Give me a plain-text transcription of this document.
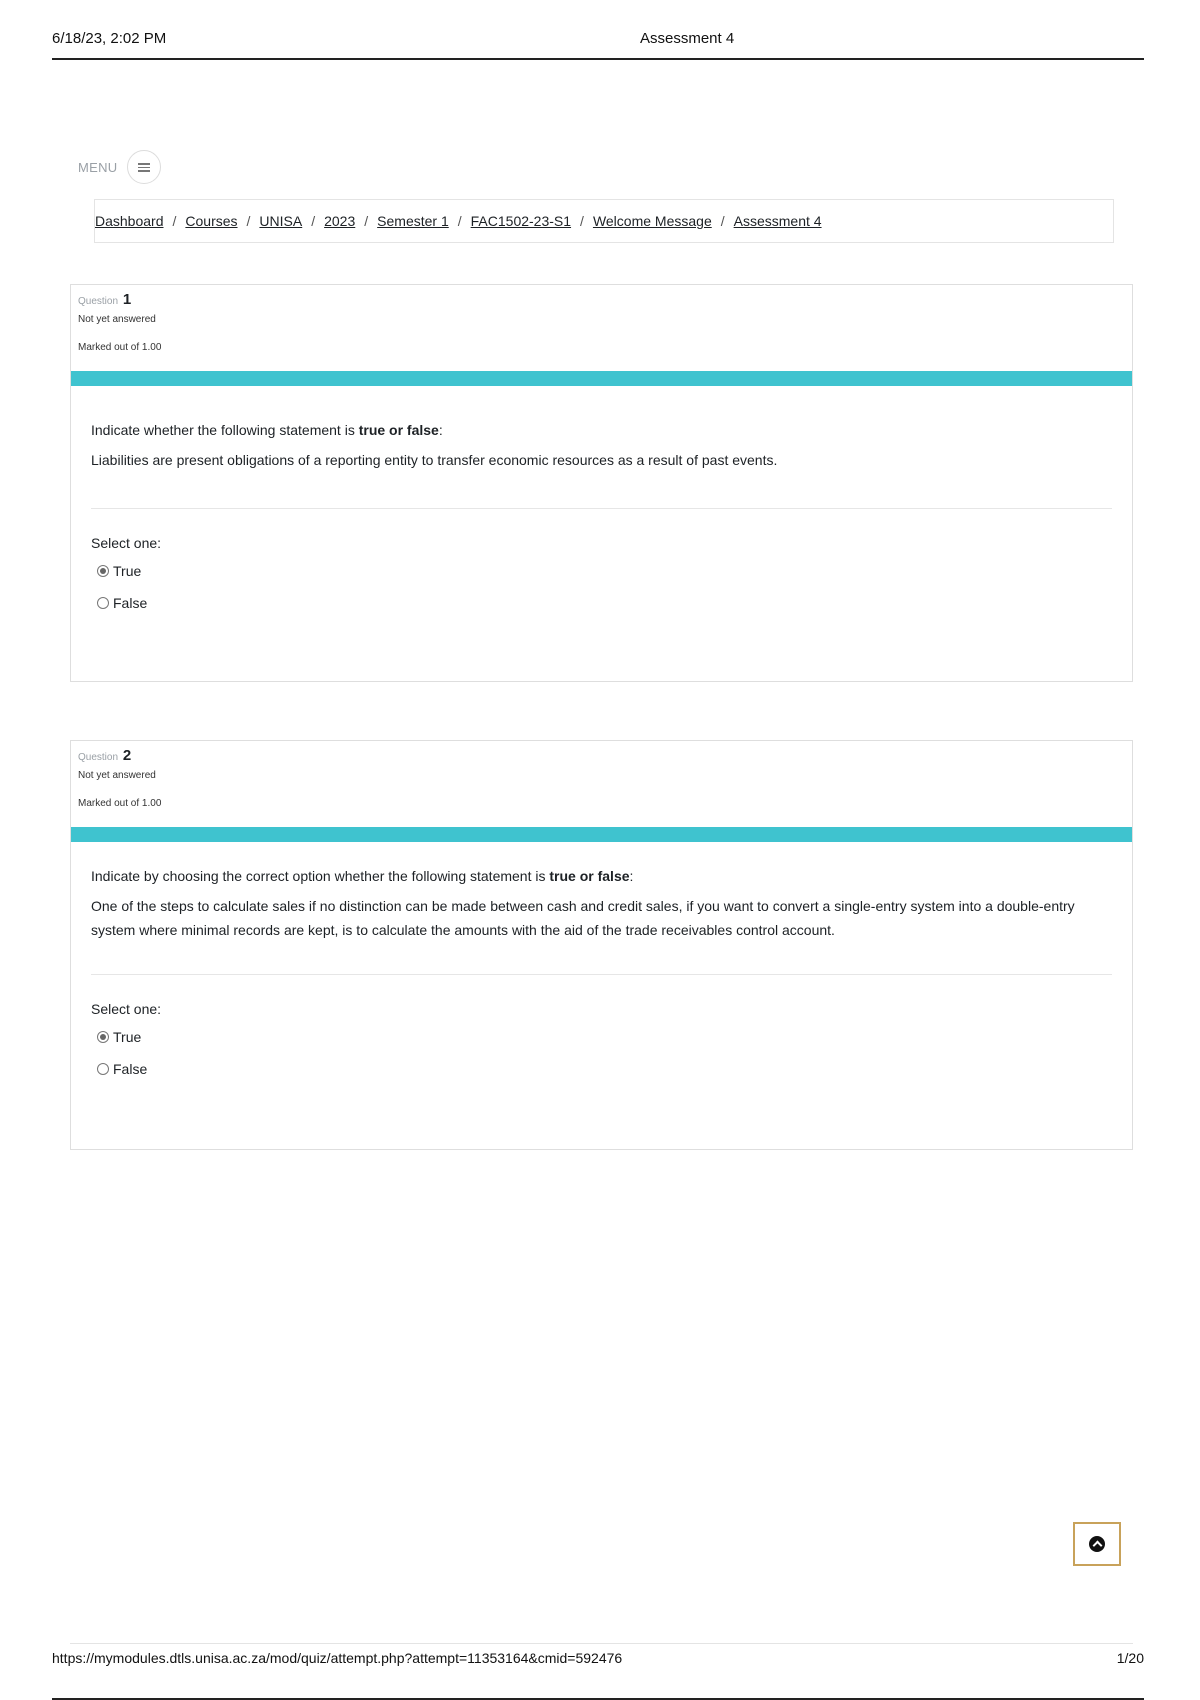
6/18/23, 2:02 PM	Assessment 4
MENU
Dashboard / Courses / UNISA / 2023 / Semester 1 / FAC1502-23-S1 / Welcome Message / Assessment 4
Question 1
Not yet answered
Marked out of 1.00
Indicate whether the following statement is true or false:
Liabilities are present obligations of a reporting entity to transfer economic resources as a result of past events.
Select one:
True
False
Question 2
Not yet answered
Marked out of 1.00
Indicate by choosing the correct option whether the following statement is true or false:
One of the steps to calculate sales if no distinction can be made between cash and credit sales, if you want to convert a single-entry system into a double-entry system where minimal records are kept, is to calculate the amounts with the aid of the trade receivables control account.
Select one:
True
False
https://mymodules.dtls.unisa.ac.za/mod/quiz/attempt.php?attempt=11353164&cmid=592476	1/20
